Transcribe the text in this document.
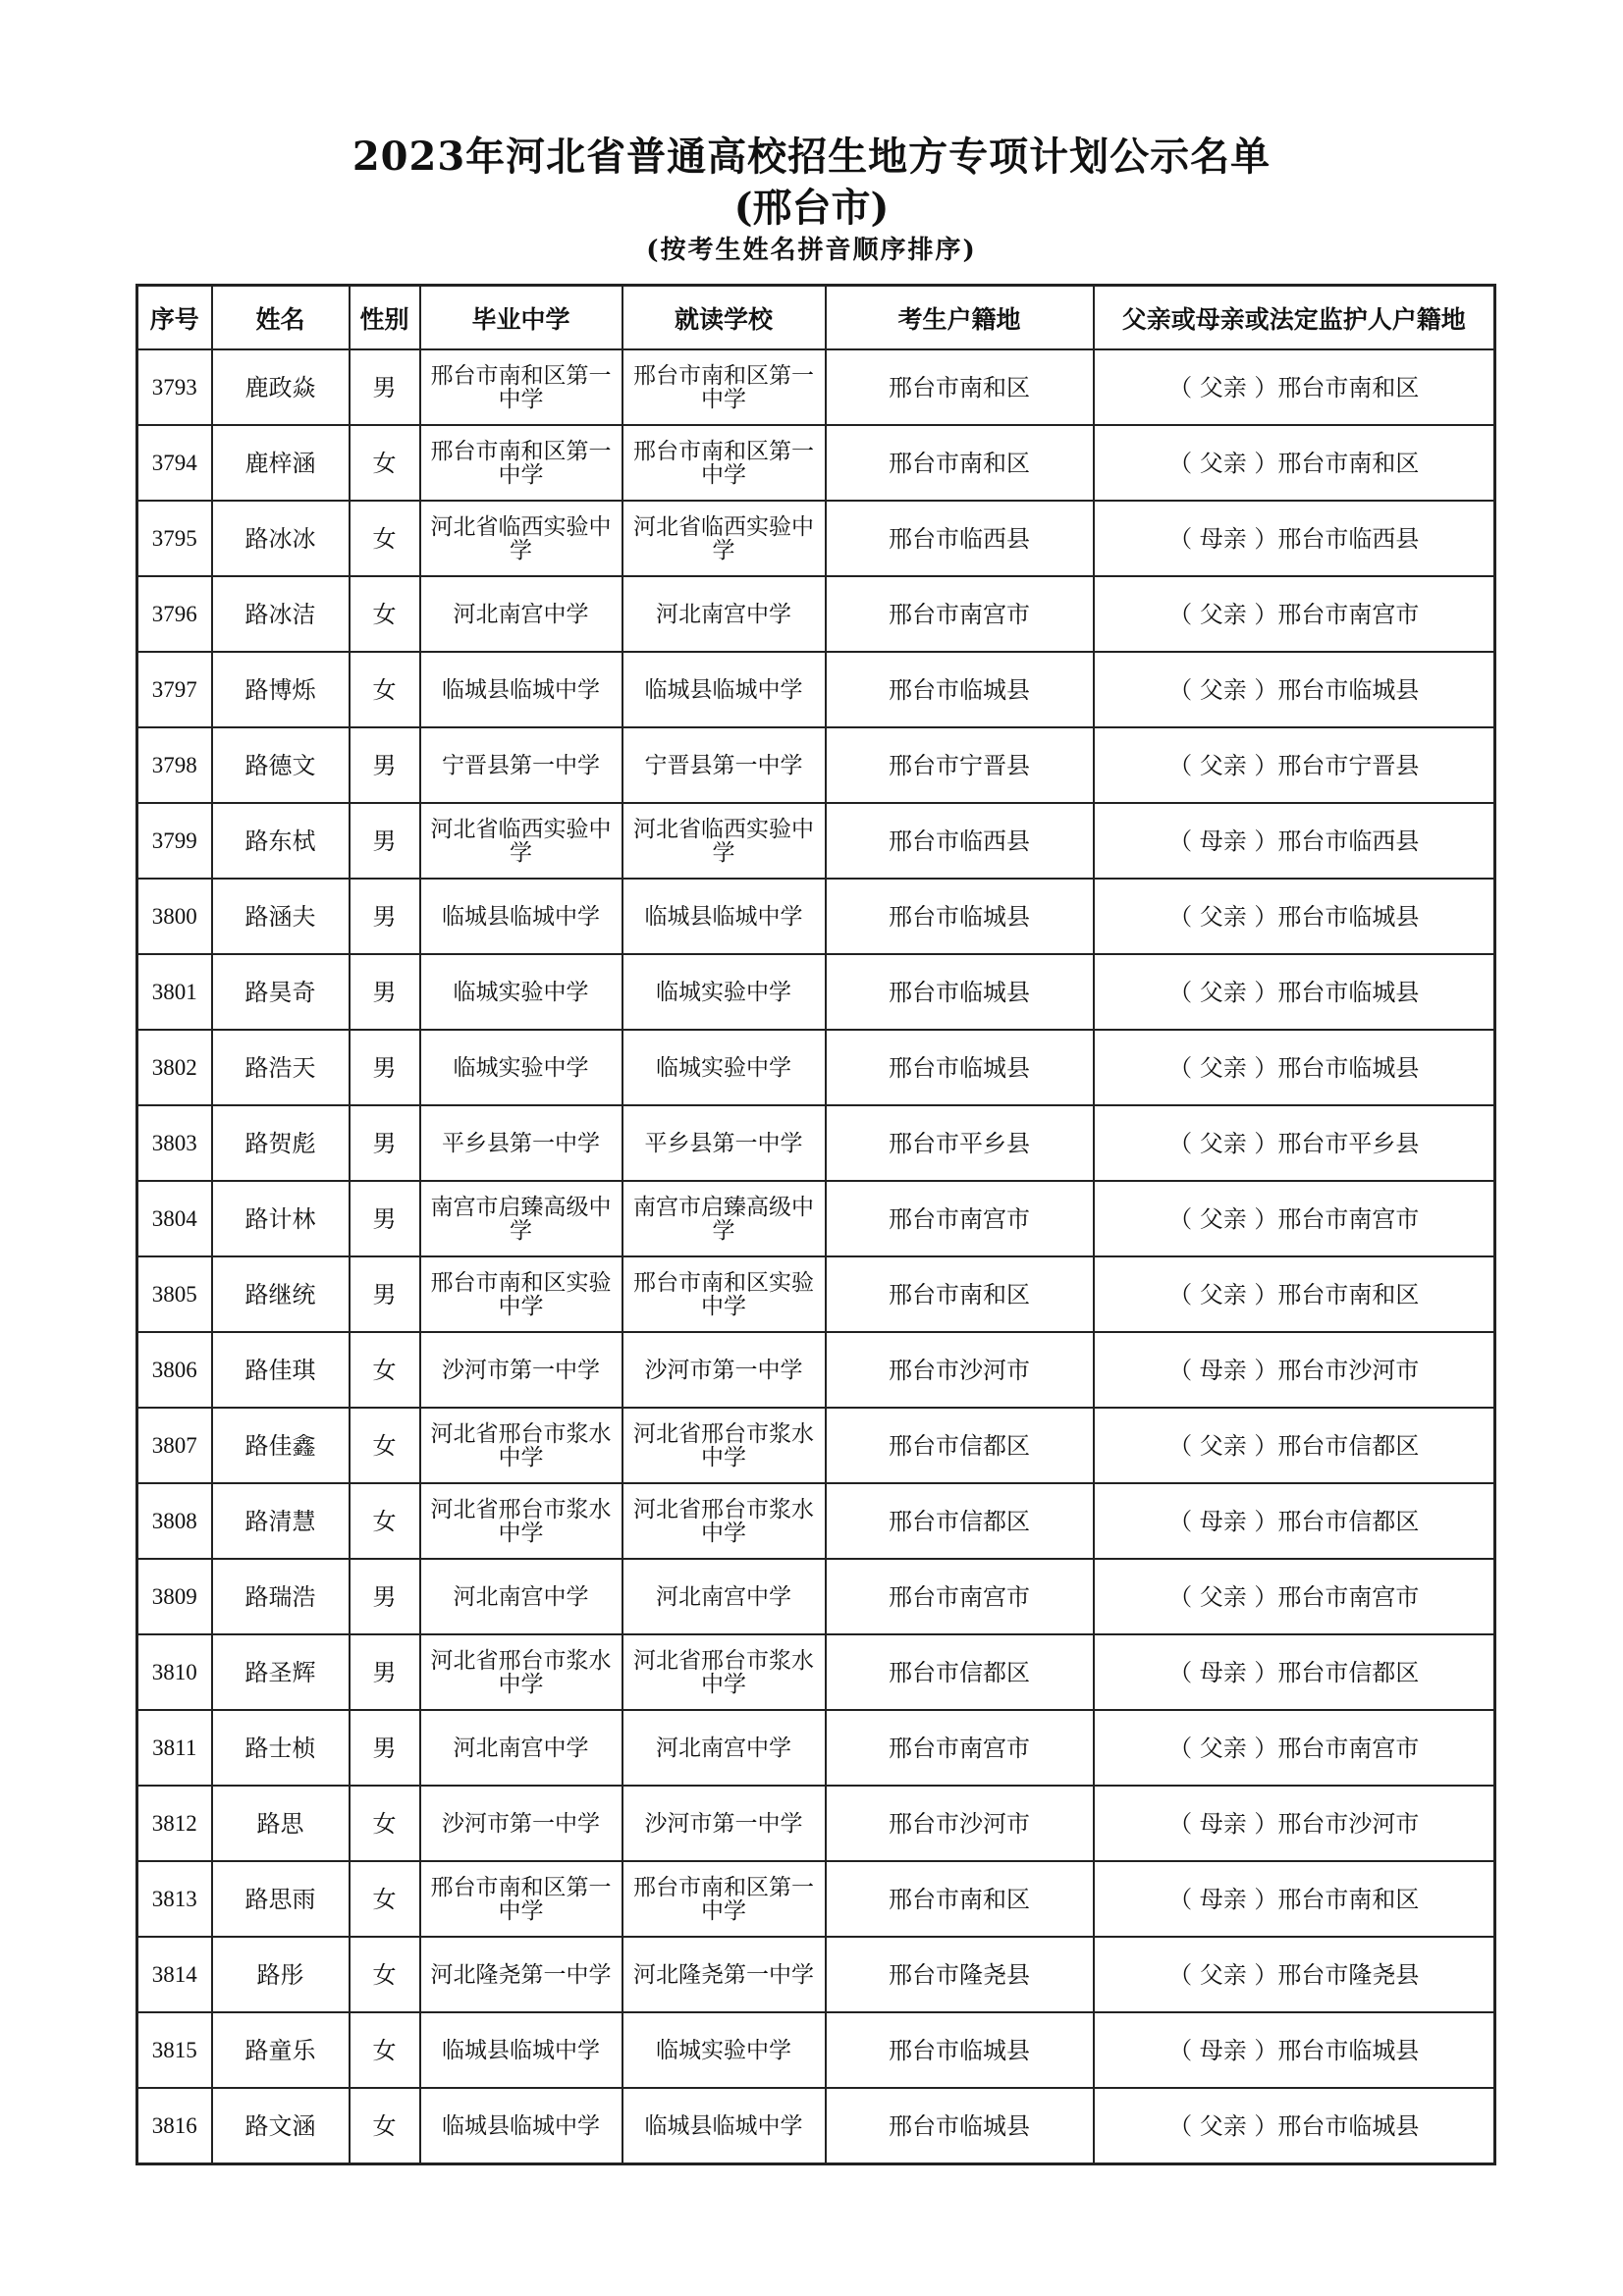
2023年河北省普通高校招生地方专项计划公示名单
(邢台市)
(按考生姓名拼音顺序排序)
序号	姓名	性别	毕业中学	就读学校	考生户籍地	父亲或母亲或法定监护人户籍地
3793	鹿政焱	男	邢台市南和区第一中学	邢台市南和区第一中学	邢台市南和区	（ 父亲 ）邢台市南和区
3794	鹿梓涵	女	邢台市南和区第一中学	邢台市南和区第一中学	邢台市南和区	（ 父亲 ）邢台市南和区
3795	路冰冰	女	河北省临西实验中学	河北省临西实验中学	邢台市临西县	（ 母亲 ）邢台市临西县
3796	路冰洁	女	河北南宫中学	河北南宫中学	邢台市南宫市	（ 父亲 ）邢台市南宫市
3797	路博烁	女	临城县临城中学	临城县临城中学	邢台市临城县	（ 父亲 ）邢台市临城县
3798	路德文	男	宁晋县第一中学	宁晋县第一中学	邢台市宁晋县	（ 父亲 ）邢台市宁晋县
3799	路东栻	男	河北省临西实验中学	河北省临西实验中学	邢台市临西县	（ 母亲 ）邢台市临西县
3800	路涵夫	男	临城县临城中学	临城县临城中学	邢台市临城县	（ 父亲 ）邢台市临城县
3801	路昊奇	男	临城实验中学	临城实验中学	邢台市临城县	（ 父亲 ）邢台市临城县
3802	路浩天	男	临城实验中学	临城实验中学	邢台市临城县	（ 父亲 ）邢台市临城县
3803	路贺彪	男	平乡县第一中学	平乡县第一中学	邢台市平乡县	（ 父亲 ）邢台市平乡县
3804	路计林	男	南宫市启臻高级中学	南宫市启臻高级中学	邢台市南宫市	（ 父亲 ）邢台市南宫市
3805	路继统	男	邢台市南和区实验中学	邢台市南和区实验中学	邢台市南和区	（ 父亲 ）邢台市南和区
3806	路佳琪	女	沙河市第一中学	沙河市第一中学	邢台市沙河市	（ 母亲 ）邢台市沙河市
3807	路佳鑫	女	河北省邢台市浆水中学	河北省邢台市浆水中学	邢台市信都区	（ 父亲 ）邢台市信都区
3808	路清慧	女	河北省邢台市浆水中学	河北省邢台市浆水中学	邢台市信都区	（ 母亲 ）邢台市信都区
3809	路瑞浩	男	河北南宫中学	河北南宫中学	邢台市南宫市	（ 父亲 ）邢台市南宫市
3810	路圣辉	男	河北省邢台市浆水中学	河北省邢台市浆水中学	邢台市信都区	（ 母亲 ）邢台市信都区
3811	路士桢	男	河北南宫中学	河北南宫中学	邢台市南宫市	（ 父亲 ）邢台市南宫市
3812	路思	女	沙河市第一中学	沙河市第一中学	邢台市沙河市	（ 母亲 ）邢台市沙河市
3813	路思雨	女	邢台市南和区第一中学	邢台市南和区第一中学	邢台市南和区	（ 母亲 ）邢台市南和区
3814	路彤	女	河北隆尧第一中学	河北隆尧第一中学	邢台市隆尧县	（ 父亲 ）邢台市隆尧县
3815	路童乐	女	临城县临城中学	临城实验中学	邢台市临城县	（ 母亲 ）邢台市临城县
3816	路文涵	女	临城县临城中学	临城县临城中学	邢台市临城县	（ 父亲 ）邢台市临城县
